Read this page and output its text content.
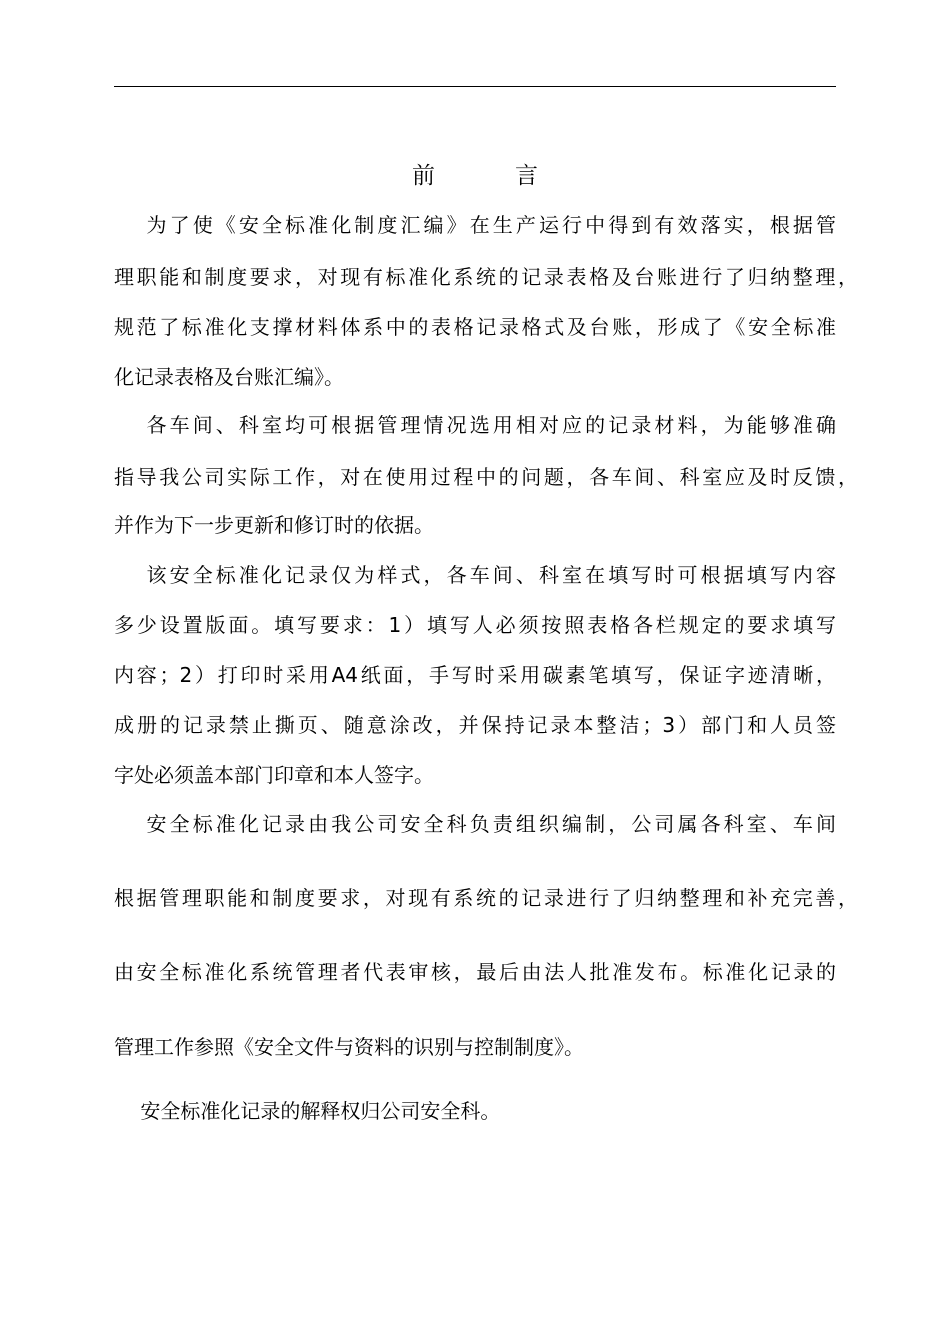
前	言
　 为了使《安全标准化制度汇编》在生产运行中得到有效落实，根据管
理职能和制度要求，对现有标准化系统的记录表格及台账进行了归纳整理，
规范了标准化支撑材料体系中的表格记录格式及台账，形成了《安全标准
化记录表格及台账汇编》。
　 各车间、科室均可根据管理情况选用相对应的记录材料，为能够准确
指导我公司实际工作，对在使用过程中的问题，各车间、科室应及时反馈，
并作为下一步更新和修订时的依据。
　 该安全标准化记录仅为样式，各车间、科室在填写时可根据填写内容
多少设置版面。填写要求：1）填写人必须按照表格各栏规定的要求填写
内容；2）打印时采用A4纸面，手写时采用碳素笔填写，保证字迹清晰，
成册的记录禁止撕页、随意涂改，并保持记录本整洁；3）部门和人员签
字处必须盖本部门印章和本人签字。
　 安全标准化记录由我公司安全科负责组织编制，公司属各科室、车间
根据管理职能和制度要求，对现有系统的记录进行了归纳整理和补充完善，
由安全标准化系统管理者代表审核，最后由法人批准发布。标准化记录的
管理工作参照《安全文件与资料的识别与控制制度》。
　 安全标准化记录的解释权归公司安全科。
